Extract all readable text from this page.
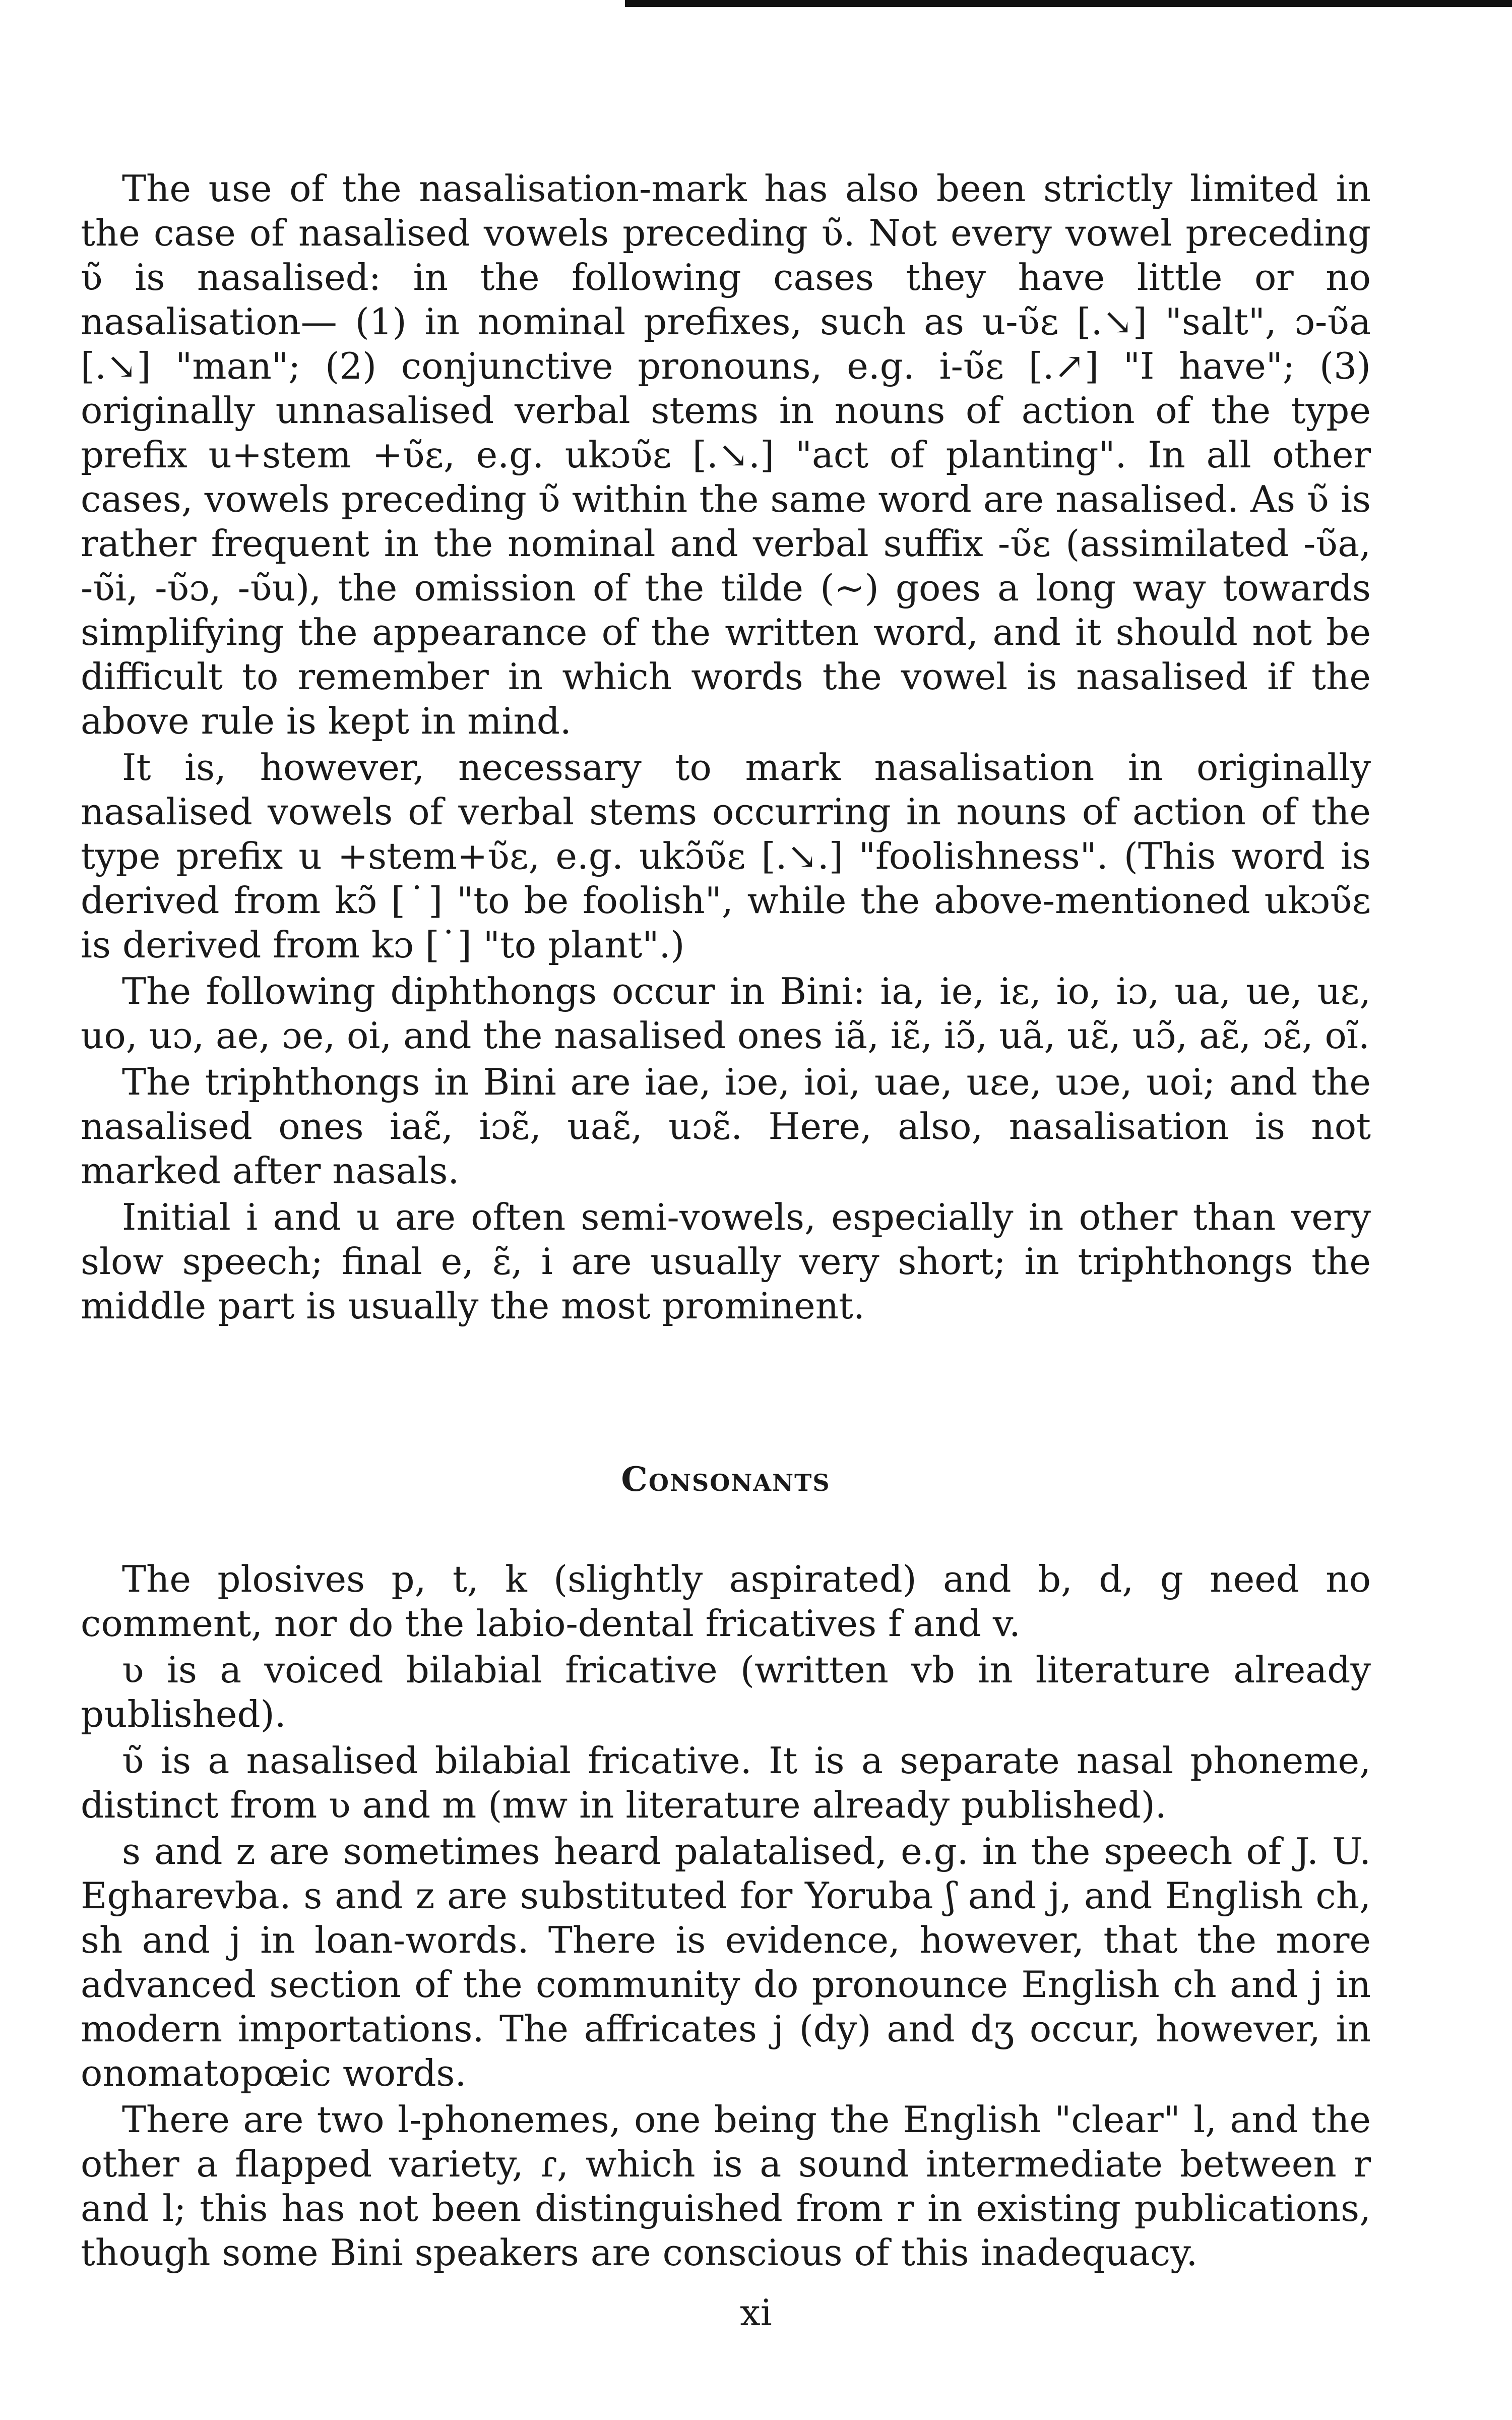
The use of the nasalisation-mark has also been strictly limited in the case of nasalised vowels preceding ʋ̃. Not every vowel preceding ʋ̃ is nasalised: in the following cases they have little or no nasalisation— (1) in nominal prefixes, such as u-ʋ̃ɛ [.↘] "salt", ɔ-ʋ̃a [.↘] "man"; (2) conjunctive pronouns, e.g. i-ʋ̃ɛ [.↗] "I have"; (3) originally unnasalised verbal stems in nouns of action of the type prefix u+stem +ʋ̃ɛ, e.g. ukɔʋ̃ɛ [.↘.] "act of planting". In all other cases, vowels preceding ʋ̃ within the same word are nasalised. As ʋ̃ is rather frequent in the nominal and verbal suffix -ʋ̃ɛ (assimilated -ʋ̃a, -ʋ̃i, -ʋ̃ɔ, -ʋ̃u), the omission of the tilde (~) goes a long way towards simplifying the appearance of the written word, and it should not be difficult to remember in which words the vowel is nasalised if the above rule is kept in mind.

It is, however, necessary to mark nasalisation in originally nasalised vowels of verbal stems occurring in nouns of action of the type prefix u +stem+ʋ̃ɛ, e.g. ukɔ̃ʋ̃ɛ [.↘.] "foolishness". (This word is derived from kɔ̃ [˙] "to be foolish", while the above-mentioned ukɔʋ̃ɛ is derived from kɔ [˙] "to plant".)

The following diphthongs occur in Bini: ia, ie, iɛ, io, iɔ, ua, ue, uɛ, uo, uɔ, ae, ɔe, oi, and the nasalised ones iã, iɛ̃, iɔ̃, uã, uɛ̃, uɔ̃, aɛ̃, ɔɛ̃, oĩ.

The triphthongs in Bini are iae, iɔe, ioi, uae, uɛe, uɔe, uoi; and the nasalised ones iaɛ̃, iɔɛ̃, uaɛ̃, uɔɛ̃. Here, also, nasalisation is not marked after nasals.

Initial i and u are often semi-vowels, especially in other than very slow speech; final e, ɛ̃, i are usually very short; in triphthongs the middle part is usually the most prominent.

Consonants

The plosives p, t, k (slightly aspirated) and b, d, g need no comment, nor do the labio-dental fricatives f and v.

ʋ is a voiced bilabial fricative (written vb in literature already published).

ʋ̃ is a nasalised bilabial fricative. It is a separate nasal phoneme, distinct from ʋ and m (mw in literature already published).

s and z are sometimes heard palatalised, e.g. in the speech of J. U. Egharevba. s and z are substituted for Yoruba ʃ and j, and English ch, sh and j in loan-words. There is evidence, however, that the more advanced section of the community do pronounce English ch and j in modern importations. The affricates j (dy) and dʒ occur, however, in onomatopœic words.

There are two l-phonemes, one being the English "clear" l, and the other a flapped variety, ɾ, which is a sound intermediate between r and l; this has not been distinguished from r in existing publications, though some Bini speakers are conscious of this inadequacy.

xi
